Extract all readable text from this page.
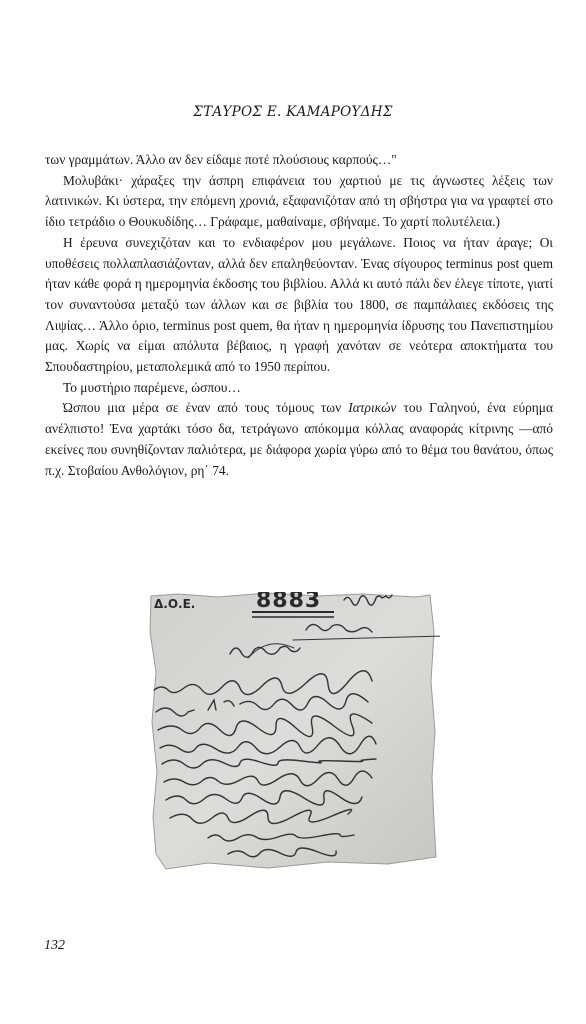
ΣΤΑΥΡΟΣ Ε. ΚΑΜΑΡΟΥΔΗΣ

των γραμμάτων. Άλλο αν δεν είδαμε ποτέ πλούσιους καρπούς…"

Μολυβάκι· χάραξες την άσπρη επιφάνεια του χαρτιού με τις άγνωστες λέξεις των λατινικών. Κι ύστερα, την επόμενη χρονιά, εξαφανιζόταν από τη σβήστρα για να γραφτεί στο ίδιο τετράδιο ο Θουκυδίδης… Γράφαμε, μαθαίναμε, σβήναμε. Το χαρτί πολυτέλεια.)

Η έρευνα συνεχιζόταν και το ενδιαφέρον μου μεγάλωνε. Ποιος να ήταν άραγε; Οι υποθέσεις πολλαπλασιάζονταν, αλλά δεν επαληθεύονταν. Ένας σίγουρος terminus post quem ήταν κάθε φορά η ημερομηνία έκδοσης του βιβλίου. Αλλά κι αυτό πάλι δεν έλεγε τίποτε, γιατί τον συναντούσα μεταξύ των άλλων και σε βιβλία του 1800, σε παμπάλαιες εκδόσεις της Λιψίας… Άλλο όριο, terminus post quem, θα ήταν η ημερομηνία ίδρυσης του Πανεπιστημίου μας. Χωρίς να είμαι απόλυτα βέβαιος, η γραφή χανόταν σε νεότερα αποκτήματα του Σπουδαστηρίου, μεταπολεμικά από το 1950 περίπου.

Το μυστήριο παρέμενε, ώσπου…

Ώσπου μια μέρα σε έναν από τους τόμους των Ιατρικών του Γαληνού, ένα εύρημα ανέλπιστο! Ένα χαρτάκι τόσο δα, τετράγωνο απόκομμα κόλλας αναφοράς κίτρινης —από εκείνες που συνηθίζονταν παλιότερα, με διάφορα χωρία γύρω από το θέμα του θανάτου, όπως π.χ. Στοβαίου Ανθολόγιον, ρη΄ 74.

Δ.Ο.Ε.	8883
132
